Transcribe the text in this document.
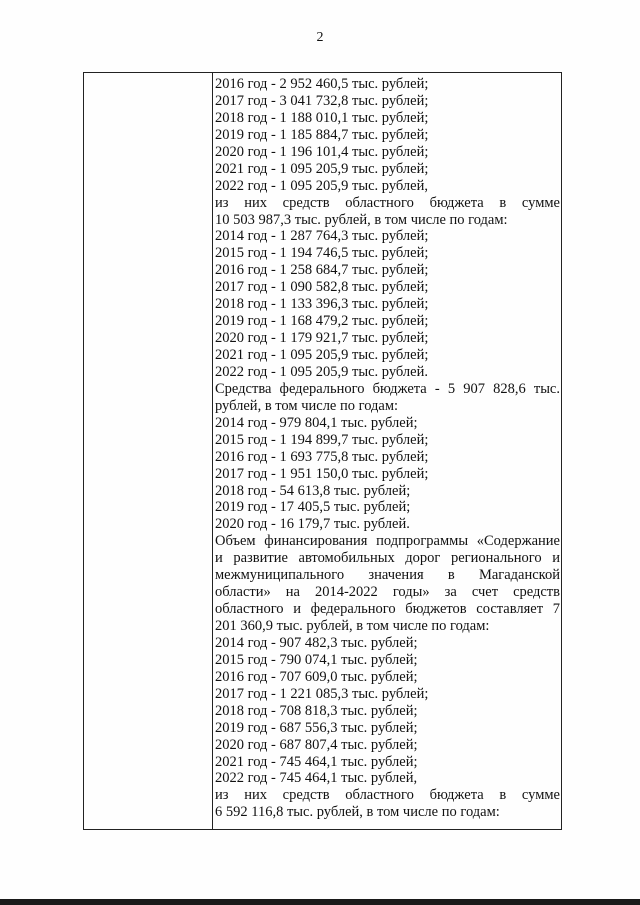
2
2016 год - 2 952 460,5 тыс. рублей;
2017 год - 3 041 732,8 тыс. рублей;
2018 год - 1 188 010,1 тыс. рублей;
2019 год - 1 185 884,7 тыс. рублей;
2020 год - 1 196 101,4 тыс. рублей;
2021 год - 1 095 205,9 тыс. рублей;
2022 год - 1 095 205,9 тыс. рублей,
из них средств областного бюджета в сумме
10 503 987,3 тыс. рублей, в том числе по годам:
2014 год - 1 287 764,3 тыс. рублей;
2015 год - 1 194 746,5 тыс. рублей;
2016 год - 1 258 684,7 тыс. рублей;
2017 год - 1 090 582,8 тыс. рублей;
2018 год - 1 133 396,3 тыс. рублей;
2019 год - 1 168 479,2 тыс. рублей;
2020 год - 1 179 921,7 тыс. рублей;
2021 год - 1 095 205,9 тыс. рублей;
2022 год - 1 095 205,9 тыс. рублей.
Средства федерального бюджета - 5 907 828,6 тыс.
рублей, в том числе по годам:
2014 год - 979 804,1 тыс. рублей;
2015 год - 1 194 899,7 тыс. рублей;
2016 год - 1 693 775,8 тыс. рублей;
2017 год - 1 951 150,0 тыс. рублей;
2018 год - 54 613,8 тыс. рублей;
2019 год - 17 405,5 тыс. рублей;
2020 год - 16 179,7 тыс. рублей.
Объем финансирования подпрограммы «Содержание
и развитие автомобильных дорог регионального и
межмуниципального значения в Магаданской
области» на 2014-2022 годы» за счет средств
областного и федерального бюджетов составляет 7
201 360,9 тыс. рублей, в том числе по годам:
2014 год - 907 482,3 тыс. рублей;
2015 год - 790 074,1 тыс. рублей;
2016 год - 707 609,0 тыс. рублей;
2017 год - 1 221 085,3 тыс. рублей;
2018 год - 708 818,3 тыс. рублей;
2019 год - 687 556,3 тыс. рублей;
2020 год - 687 807,4 тыс. рублей;
2021 год - 745 464,1 тыс. рублей;
2022 год - 745 464,1 тыс. рублей,
из них средств областного бюджета в сумме
6 592 116,8 тыс. рублей, в том числе по годам:
